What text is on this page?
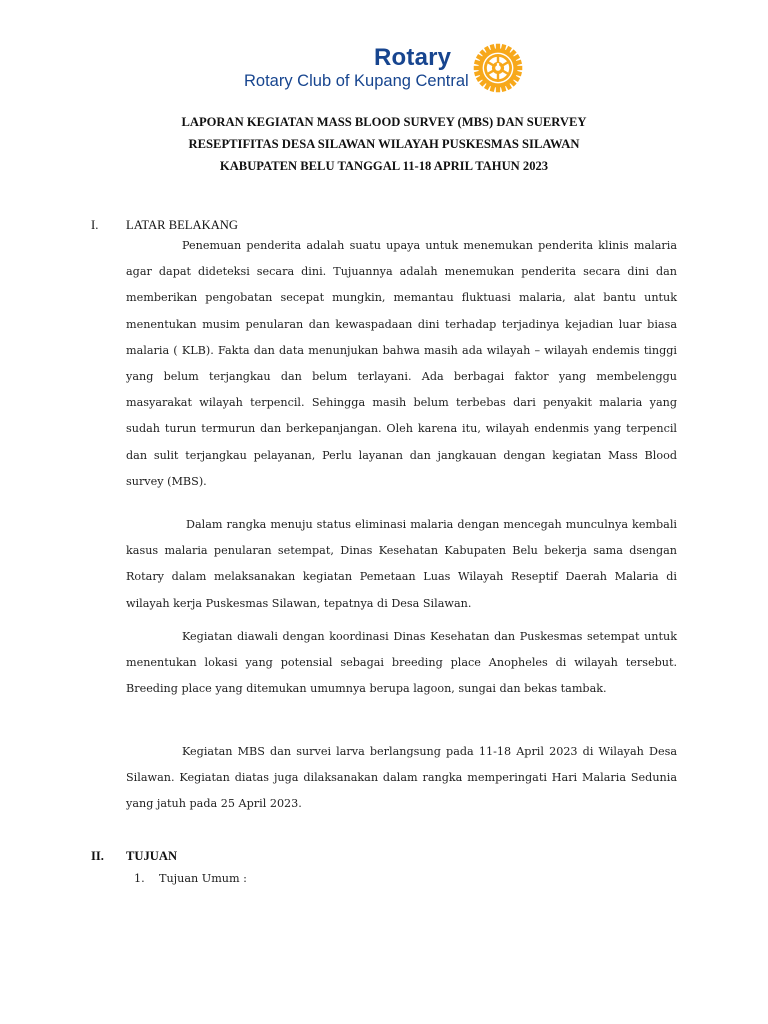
Rotary
Rotary Club of Kupang Central
LAPORAN KEGIATAN MASS BLOOD SURVEY (MBS) DAN SUERVEY
RESEPTIFITAS DESA SILAWAN WILAYAH PUSKESMAS SILAWAN
KABUPATEN BELU TANGGAL 11-18 APRIL TAHUN 2023
I. LATAR BELAKANG

Penemuan penderita adalah suatu upaya untuk menemukan penderita klinis malaria agar dapat dideteksi secara dini. Tujuannya adalah menemukan penderita secara dini dan memberikan pengobatan secepat mungkin, memantau fluktuasi malaria, alat bantu untuk menentukan musim penularan dan kewaspadaan dini terhadap terjadinya kejadian luar biasa malaria ( KLB). Fakta dan data menunjukan bahwa masih ada wilayah – wilayah endemis tinggi yang belum terjangkau dan belum terlayani. Ada berbagai faktor yang membelenggu masyarakat wilayah terpencil. Sehingga masih belum terbebas dari penyakit malaria yang sudah turun termurun dan berkepanjangan. Oleh karena itu, wilayah endenmis yang terpencil dan sulit terjangkau pelayanan, Perlu layanan dan jangkauan dengan kegiatan Mass Blood survey (MBS).

Dalam rangka menuju status eliminasi malaria dengan mencegah munculnya kembali kasus malaria penularan setempat, Dinas Kesehatan Kabupaten Belu bekerja sama dsengan Rotary dalam melaksanakan kegiatan Pemetaan Luas Wilayah Reseptif Daerah Malaria di wilayah kerja Puskesmas Silawan, tepatnya di Desa Silawan.

Kegiatan diawali dengan koordinasi Dinas Kesehatan dan Puskesmas setempat untuk menentukan lokasi yang potensial sebagai breeding place Anopheles di wilayah tersebut. Breeding place yang ditemukan umumnya berupa lagoon, sungai dan bekas tambak.

Kegiatan MBS dan survei larva berlangsung pada 11-18 April 2023 di Wilayah Desa Silawan. Kegiatan diatas juga dilaksanakan dalam rangka memperingati Hari Malaria Sedunia yang jatuh pada 25 April 2023.

II. TUJUAN
1. Tujuan Umum :
